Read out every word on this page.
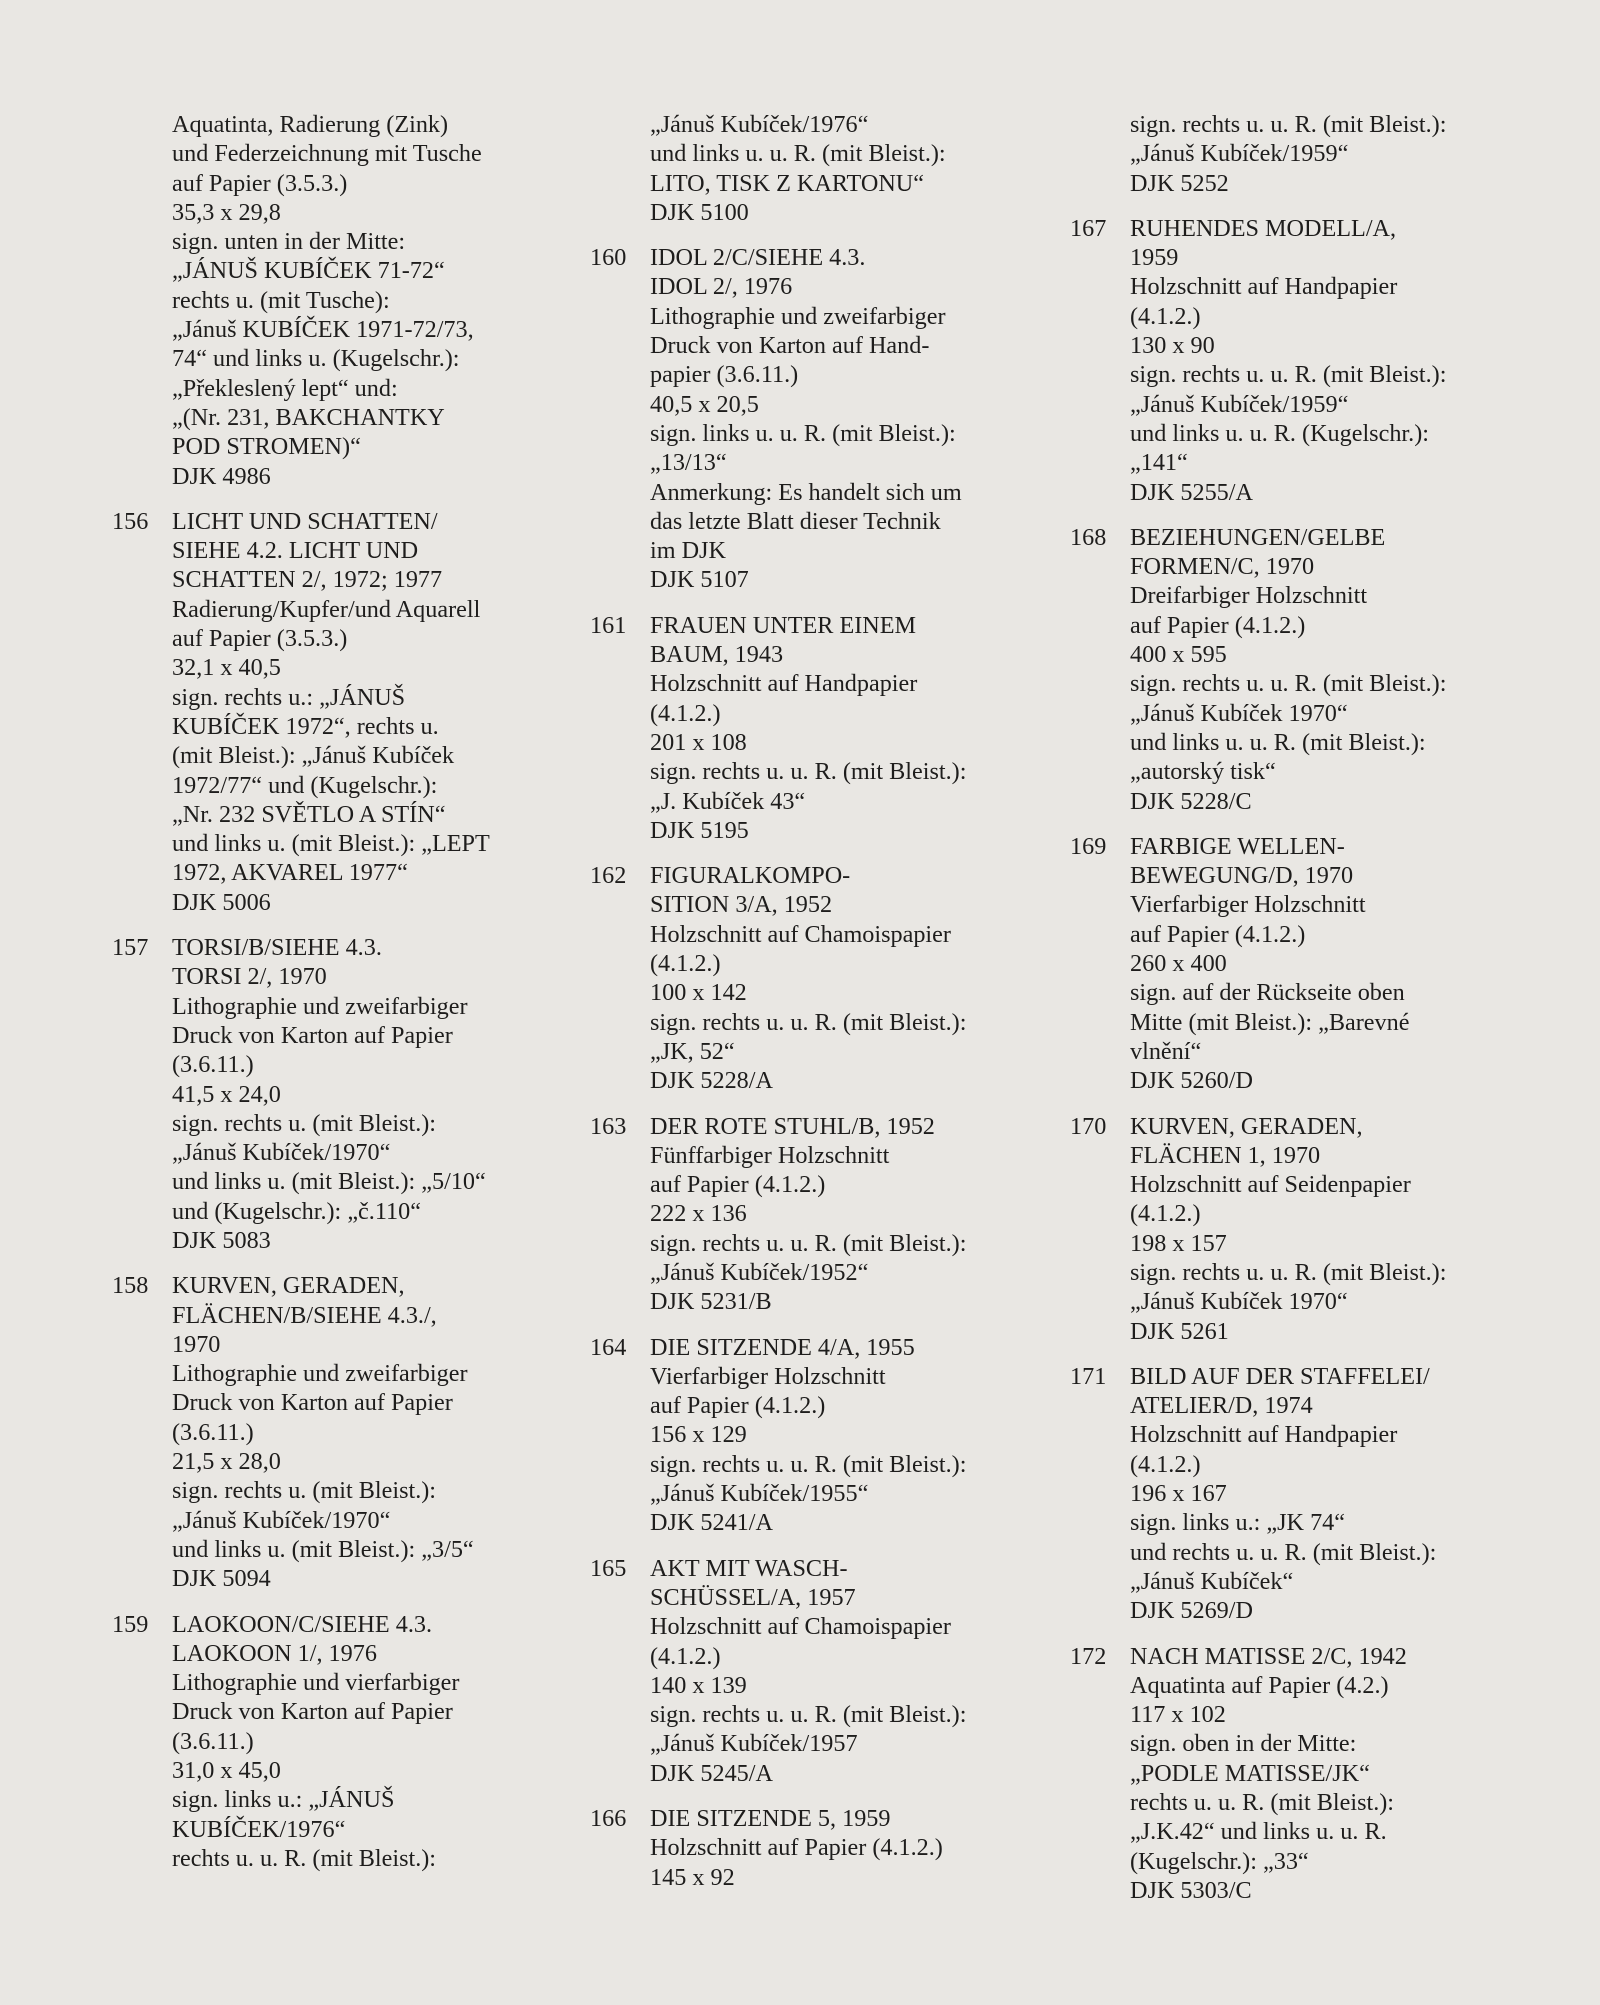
Aquatinta, Radierung (Zink)
und Federzeichnung mit Tusche
auf Papier (3.5.3.)
35,3 x 29,8
sign. unten in der Mitte:
„JÁNUŠ KUBÍČEK 71-72“
rechts u. (mit Tusche):
„Jánuš KUBÍČEK 1971-72/73,
74“ und links u. (Kugelschr.):
„Překleslený lept“ und:
„(Nr. 231, BAKCHANTKY
POD STROMEN)“
DJK 4986
156 LICHT UND SCHATTEN/
SIEHE 4.2. LICHT UND
SCHATTEN 2/, 1972; 1977
Radierung/Kupfer/und Aquarell
auf Papier (3.5.3.)
32,1 x 40,5
sign. rechts u.: „JÁNUŠ
KUBÍČEK 1972“, rechts u.
(mit Bleist.): „Jánuš Kubíček
1972/77“ und (Kugelschr.):
„Nr. 232 SVĚTLO A STÍN“
und links u. (mit Bleist.): „LEPT
1972, AKVAREL 1977“
DJK 5006
157 TORSI/B/SIEHE 4.3.
TORSI 2/, 1970
Lithographie und zweifarbiger
Druck von Karton auf Papier
(3.6.11.)
41,5 x 24,0
sign. rechts u. (mit Bleist.):
„Jánuš Kubíček/1970“
und links u. (mit Bleist.): „5/10“
und (Kugelschr.): „č.110“
DJK 5083
158 KURVEN, GERADEN,
FLÄCHEN/B/SIEHE 4.3./,
1970
Lithographie und zweifarbiger
Druck von Karton auf Papier
(3.6.11.)
21,5 x 28,0
sign. rechts u. (mit Bleist.):
„Jánuš Kubíček/1970“
und links u. (mit Bleist.): „3/5“
DJK 5094
159 LAOKOON/C/SIEHE 4.3.
LAOKOON 1/, 1976
Lithographie und vierfarbiger
Druck von Karton auf Papier
(3.6.11.)
31,0 x 45,0
sign. links u.: „JÁNUŠ
KUBÍČEK/1976“
rechts u. u. R. (mit Bleist.):
„Jánuš Kubíček/1976“
und links u. u. R. (mit Bleist.):
LITO, TISK Z KARTONU“
DJK 5100
160 IDOL 2/C/SIEHE 4.3.
IDOL 2/, 1976
Lithographie und zweifarbiger
Druck von Karton auf Hand-
papier (3.6.11.)
40,5 x 20,5
sign. links u. u. R. (mit Bleist.):
„13/13“
Anmerkung: Es handelt sich um
das letzte Blatt dieser Technik
im DJK
DJK 5107
161 FRAUEN UNTER EINEM
BAUM, 1943
Holzschnitt auf Handpapier
(4.1.2.)
201 x 108
sign. rechts u. u. R. (mit Bleist.):
„J. Kubíček 43“
DJK 5195
162 FIGURALKOMPO-
SITION 3/A, 1952
Holzschnitt auf Chamoispapier
(4.1.2.)
100 x 142
sign. rechts u. u. R. (mit Bleist.):
„JK, 52“
DJK 5228/A
163 DER ROTE STUHL/B, 1952
Fünffarbiger Holzschnitt
auf Papier (4.1.2.)
222 x 136
sign. rechts u. u. R. (mit Bleist.):
„Jánuš Kubíček/1952“
DJK 5231/B
164 DIE SITZENDE 4/A, 1955
Vierfarbiger Holzschnitt
auf Papier (4.1.2.)
156 x 129
sign. rechts u. u. R. (mit Bleist.):
„Jánuš Kubíček/1955“
DJK 5241/A
165 AKT MIT WASCH-
SCHÜSSEL/A, 1957
Holzschnitt auf Chamoispapier
(4.1.2.)
140 x 139
sign. rechts u. u. R. (mit Bleist.):
„Jánuš Kubíček/1957
DJK 5245/A
166 DIE SITZENDE 5, 1959
Holzschnitt auf Papier (4.1.2.)
145 x 92
sign. rechts u. u. R. (mit Bleist.):
„Jánuš Kubíček/1959“
DJK 5252
167 RUHENDES MODELL/A,
1959
Holzschnitt auf Handpapier
(4.1.2.)
130 x 90
sign. rechts u. u. R. (mit Bleist.):
„Jánuš Kubíček/1959“
und links u. u. R. (Kugelschr.):
„141“
DJK 5255/A
168 BEZIEHUNGEN/GELBE
FORMEN/C, 1970
Dreifarbiger Holzschnitt
auf Papier (4.1.2.)
400 x 595
sign. rechts u. u. R. (mit Bleist.):
„Jánuš Kubíček 1970“
und links u. u. R. (mit Bleist.):
„autorský tisk“
DJK 5228/C
169 FARBIGE WELLEN-
BEWEGUNG/D, 1970
Vierfarbiger Holzschnitt
auf Papier (4.1.2.)
260 x 400
sign. auf der Rückseite oben
Mitte (mit Bleist.): „Barevné
vlnění“
DJK 5260/D
170 KURVEN, GERADEN,
FLÄCHEN 1, 1970
Holzschnitt auf Seidenpapier
(4.1.2.)
198 x 157
sign. rechts u. u. R. (mit Bleist.):
„Jánuš Kubíček 1970“
DJK 5261
171 BILD AUF DER STAFFELEI/
ATELIER/D, 1974
Holzschnitt auf Handpapier
(4.1.2.)
196 x 167
sign. links u.: „JK 74“
und rechts u. u. R. (mit Bleist.):
„Jánuš Kubíček“
DJK 5269/D
172 NACH MATISSE 2/C, 1942
Aquatinta auf Papier (4.2.)
117 x 102
sign. oben in der Mitte:
„PODLE MATISSE/JK“
rechts u. u. R. (mit Bleist.):
„J.K.42“ und links u. u. R.
(Kugelschr.): „33“
DJK 5303/C
